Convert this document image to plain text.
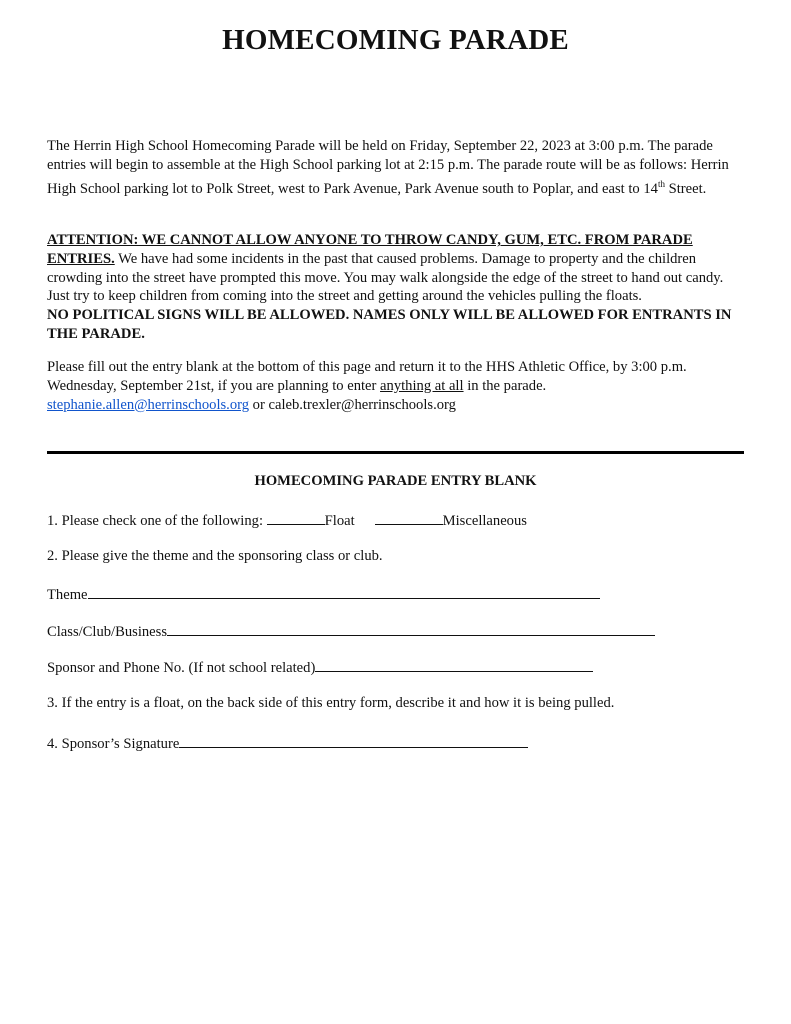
HOMECOMING PARADE

The Herrin High School Homecoming Parade will be held on Friday, September 22, 2023 at 3:00 p.m. The parade entries will begin to assemble at the High School parking lot at 2:15 p.m. The parade route will be as follows: Herrin High School parking lot to Polk Street, west to Park Avenue, Park Avenue south to Poplar, and east to 14th Street.

ATTENTION: WE CANNOT ALLOW ANYONE TO THROW CANDY, GUM, ETC. FROM PARADE ENTRIES. We have had some incidents in the past that caused problems. Damage to property and the children crowding into the street have prompted this move. You may walk alongside the edge of the street to hand out candy. Just try to keep children from coming into the street and getting around the vehicles pulling the floats.
NO POLITICAL SIGNS WILL BE ALLOWED. NAMES ONLY WILL BE ALLOWED FOR ENTRANTS IN THE PARADE.

Please fill out the entry blank at the bottom of this page and return it to the HHS Athletic Office, by 3:00 p.m. Wednesday, September 21st, if you are planning to enter anything at all in the parade.
stephanie.allen@herrinschools.org or caleb.trexler@herrinschools.org

HOMECOMING PARADE ENTRY BLANK
1. Please check one of the following:	Float	Miscellaneous
2. Please give the theme and the sponsoring class or club.
Theme
Class/Club/Business
Sponsor and Phone No. (If not school related)
3. If the entry is a float, on the back side of this entry form, describe it and how it is being pulled.
4. Sponsor’s Signature
